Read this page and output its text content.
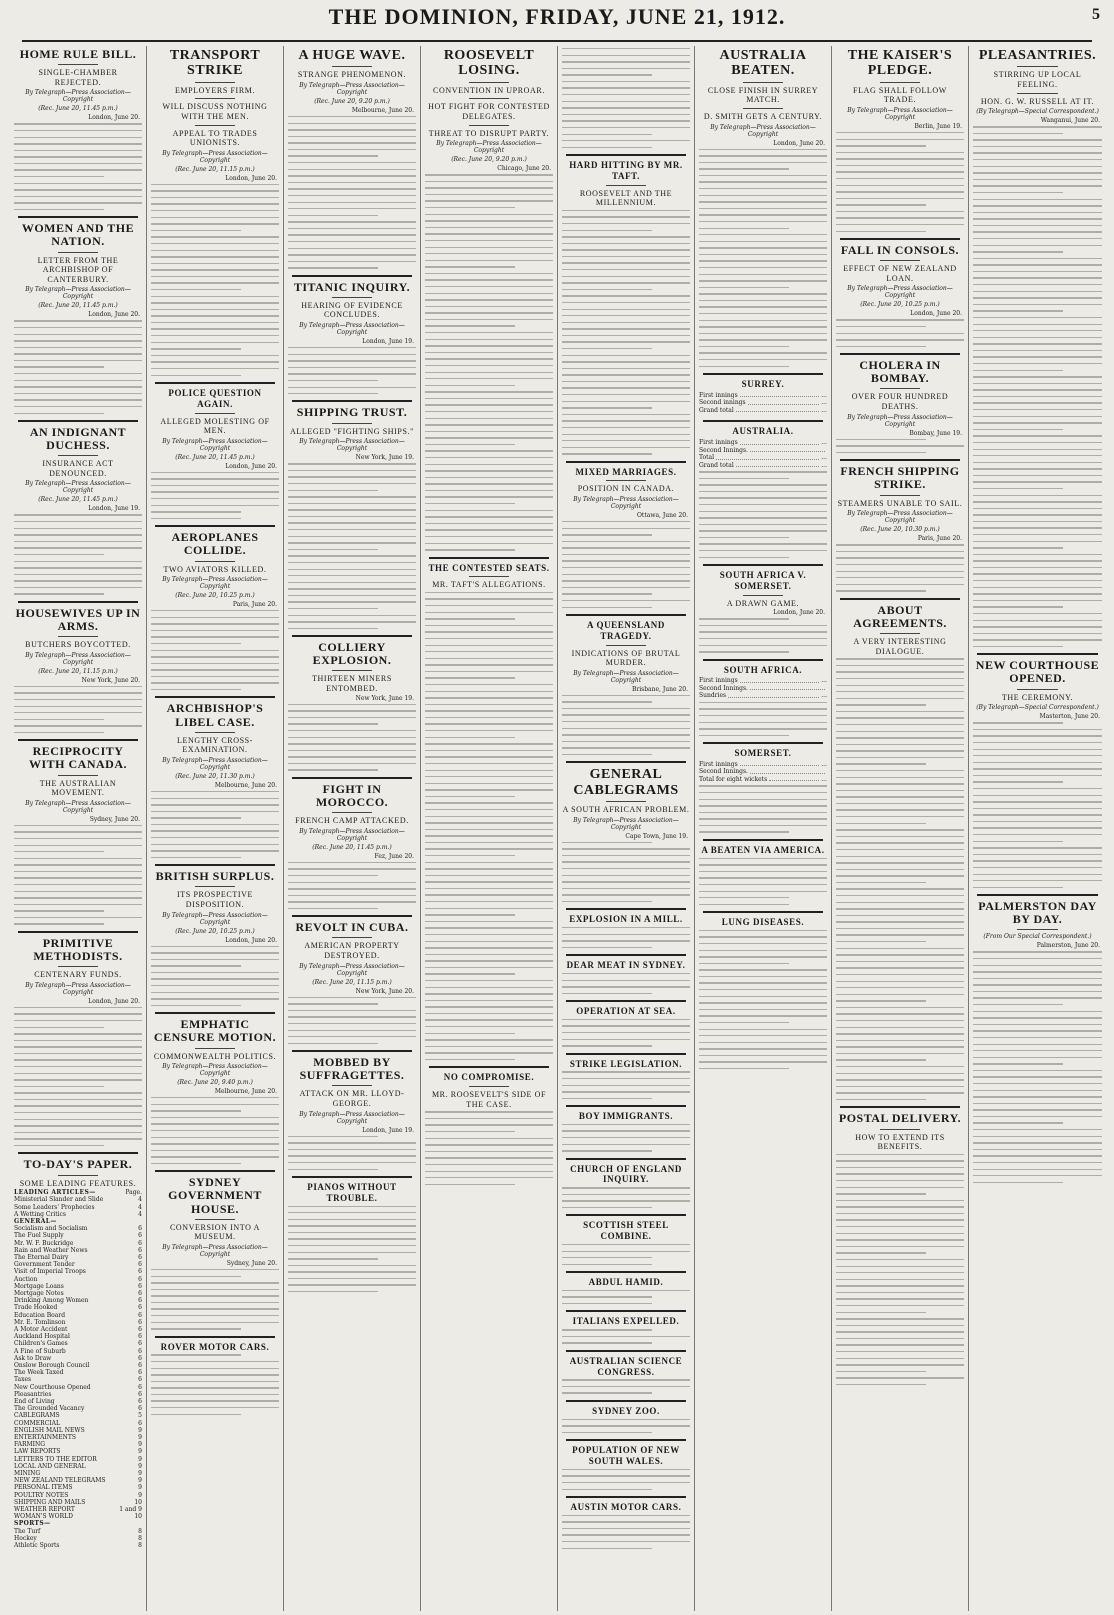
THE DOMINION, FRIDAY, JUNE 21, 1912.	5
HOME RULE BILL.
SINGLE-CHAMBER REJECTED.
By Telegraph—Press Association—Copyright
(Rec. June 20, 11.45 p.m.)
London, June 20.
WOMEN AND THE NATION.
LETTER FROM THE ARCHBISHOP OF CANTERBURY.
By Telegraph—Press Association—Copyright
(Rec. June 20, 11.45 p.m.)
London, June 20.
AN INDIGNANT DUCHESS.
INSURANCE ACT DENOUNCED.
By Telegraph—Press Association—Copyright
(Rec. June 20, 11.45 p.m.)
London, June 19.
HOUSEWIVES UP IN ARMS.
BUTCHERS BOYCOTTED.
By Telegraph—Press Association—Copyright
(Rec. June 20, 11.15 p.m.)
New York, June 20.
RECIPROCITY WITH CANADA.
THE AUSTRALIAN MOVEMENT.
By Telegraph—Press Association—Copyright
Sydney, June 20.
PRIMITIVE METHODISTS.
CENTENARY FUNDS.
By Telegraph—Press Association—Copyright
London, June 20.
TO-DAY'S PAPER.
SOME LEADING FEATURES.
LEADING ARTICLES—	Page.
Ministerial Slander and Slide	4
Some Leaders' Prophecies	4
A Wetting Critics	4
GENERAL—
Socialism and Socialism	6
The Fuel Supply	6
Mr. W. F. Buckridge	6
Rain and Weather News	6
The Eternal Dairy	6
Government Tender	6
Visit of Imperial Troops	6
Auction	6
Mortgage Loans	6
Mortgage Notes	6
Drinking Among Women	6
Trade Hooked	6
Education Board	6
Mr. E. Tomlinson	6
A Motor Accident	6
Auckland Hospital	6
Children's Games	6
A Fine of Suburb	6
Ask to Draw	6
Onslow Borough Council	6
The Week Taxed	6
Taxes	6
New Courthouse Opened	6
Pleasantries	6
End of Living	6
The Grounded Vacancy	6
CABLEGRAMS	5
COMMERCIAL	6
ENGLISH MAIL NEWS	9
ENTERTAINMENTS	9
FARMING	9
LAW REPORTS	9
LETTERS TO THE EDITOR	9
LOCAL AND GENERAL	9
MINING	9
NEW ZEALAND TELEGRAMS	9
PERSONAL ITEMS	9
POULTRY NOTES	9
SHIPPING AND MAILS	10
WEATHER REPORT	1 and 9
WOMAN'S WORLD	10
SPORTS—
The Turf	8
Hockey	8
Athletic Sports	8
TRANSPORT STRIKE
EMPLOYERS FIRM.
WILL DISCUSS NOTHING WITH THE MEN.
APPEAL TO TRADES UNIONISTS.
By Telegraph—Press Association—Copyright
(Rec. June 20, 11.15 p.m.)
London, June 20.
POLICE QUESTION AGAIN.
ALLEGED MOLESTING OF MEN.
By Telegraph—Press Association—Copyright
(Rec. June 20, 11.45 p.m.)
London, June 20.
AEROPLANES COLLIDE.
TWO AVIATORS KILLED.
By Telegraph—Press Association—Copyright
(Rec. June 20, 10.25 p.m.)
Paris, June 20.
ARCHBISHOP'S LIBEL CASE.
LENGTHY CROSS-EXAMINATION.
By Telegraph—Press Association—Copyright
(Rec. June 20, 11.30 p.m.)
Melbourne, June 20.
BRITISH SURPLUS.
ITS PROSPECTIVE DISPOSITION.
By Telegraph—Press Association—Copyright
(Rec. June 20, 10.25 p.m.)
London, June 20.
EMPHATIC CENSURE MOTION.
COMMONWEALTH POLITICS.
By Telegraph—Press Association—Copyright
(Rec. June 20, 9.40 p.m.)
Melbourne, June 20.
SYDNEY GOVERNMENT HOUSE.
CONVERSION INTO A MUSEUM.
By Telegraph—Press Association—Copyright
Sydney, June 20.
ROVER MOTOR CARS.
A HUGE WAVE.
STRANGE PHENOMENON.
By Telegraph—Press Association—Copyright
(Rec. June 20, 9.20 p.m.)
Melbourne, June 20.
TITANIC INQUIRY.
HEARING OF EVIDENCE CONCLUDES.
By Telegraph—Press Association—Copyright
London, June 19.
SHIPPING TRUST.
ALLEGED "FIGHTING SHIPS."
By Telegraph—Press Association—Copyright
New York, June 19.
COLLIERY EXPLOSION.
THIRTEEN MINERS ENTOMBED.
New York, June 19.
FIGHT IN MOROCCO.
FRENCH CAMP ATTACKED.
By Telegraph—Press Association—Copyright
(Rec. June 20, 11.45 p.m.)
Fez, June 20.
REVOLT IN CUBA.
AMERICAN PROPERTY DESTROYED.
By Telegraph—Press Association—Copyright
(Rec. June 20, 11.15 p.m.)
New York, June 20.
MOBBED BY SUFFRAGETTES.
ATTACK ON MR. LLOYD-GEORGE.
By Telegraph—Press Association—Copyright
London, June 19.
PIANOS WITHOUT TROUBLE.
ROOSEVELT LOSING.
CONVENTION IN UPROAR.
HOT FIGHT FOR CONTESTED DELEGATES.
THREAT TO DISRUPT PARTY.
By Telegraph—Press Association—Copyright
(Rec. June 20, 9.20 p.m.)
Chicago, June 20.
THE CONTESTED SEATS.
MR. TAFT'S ALLEGATIONS.
NO COMPROMISE.
MR. ROOSEVELT'S SIDE OF THE CASE.
HARD HITTING BY MR. TAFT.
ROOSEVELT AND THE MILLENNIUM.
MIXED MARRIAGES.
POSITION IN CANADA.
By Telegraph—Press Association—Copyright
Ottawa, June 20.
A QUEENSLAND TRAGEDY.
INDICATIONS OF BRUTAL MURDER.
By Telegraph—Press Association—Copyright
Brisbane, June 20.
GENERAL CABLEGRAMS
A SOUTH AFRICAN PROBLEM.
By Telegraph—Press Association—Copyright
Cape Town, June 19.
EXPLOSION IN A MILL.
DEAR MEAT IN SYDNEY.
OPERATION AT SEA.
STRIKE LEGISLATION.
BOY IMMIGRANTS.
CHURCH OF ENGLAND INQUIRY.
SCOTTISH STEEL COMBINE.
ABDUL HAMID.
ITALIANS EXPELLED.
AUSTRALIAN SCIENCE CONGRESS.
SYDNEY ZOO.
POPULATION OF NEW SOUTH WALES.
AUSTIN MOTOR CARS.
AUSTRALIA BEATEN.
CLOSE FINISH IN SURREY MATCH.
D. SMITH GETS A CENTURY.
By Telegraph—Press Association—Copyright
London, June 20.
SURREY.
First innings	...
Second innings	...
Grand total	...
AUSTRALIA.
First innings	...
Second Innings.
Total	...
Grand total	...
SOUTH AFRICA V. SOMERSET.
A DRAWN GAME.
London, June 20.
SOUTH AFRICA.
First innings	...
Second Innings.
Sundries	...
SOMERSET.
First innings	...
Second Innings.
Total for eight wickets	...
A BEATEN VIA AMERICA.
LUNG DISEASES.
THE KAISER'S PLEDGE.
FLAG SHALL FOLLOW TRADE.
By Telegraph—Press Association—Copyright
Berlin, June 19.
FALL IN CONSOLS.
EFFECT OF NEW ZEALAND LOAN.
By Telegraph—Press Association—Copyright
(Rec. June 20, 10.25 p.m.)
London, June 20.
CHOLERA IN BOMBAY.
OVER FOUR HUNDRED DEATHS.
By Telegraph—Press Association—Copyright
Bombay, June 19.
FRENCH SHIPPING STRIKE.
STEAMERS UNABLE TO SAIL.
By Telegraph—Press Association—Copyright
(Rec. June 20, 10.30 p.m.)
Paris, June 20.
ABOUT AGREEMENTS.
A VERY INTERESTING DIALOGUE.
POSTAL DELIVERY.
HOW TO EXTEND ITS BENEFITS.
PLEASANTRIES.
STIRRING UP LOCAL FEELING.
HON. G. W. RUSSELL AT IT.
(By Telegraph—Special Correspondent.)
Wanganui, June 20.
NEW COURTHOUSE OPENED.
THE CEREMONY.
(By Telegraph—Special Correspondent.)
Masterton, June 20.
PALMERSTON DAY BY DAY.
(From Our Special Correspondent.)
Palmerston, June 20.
